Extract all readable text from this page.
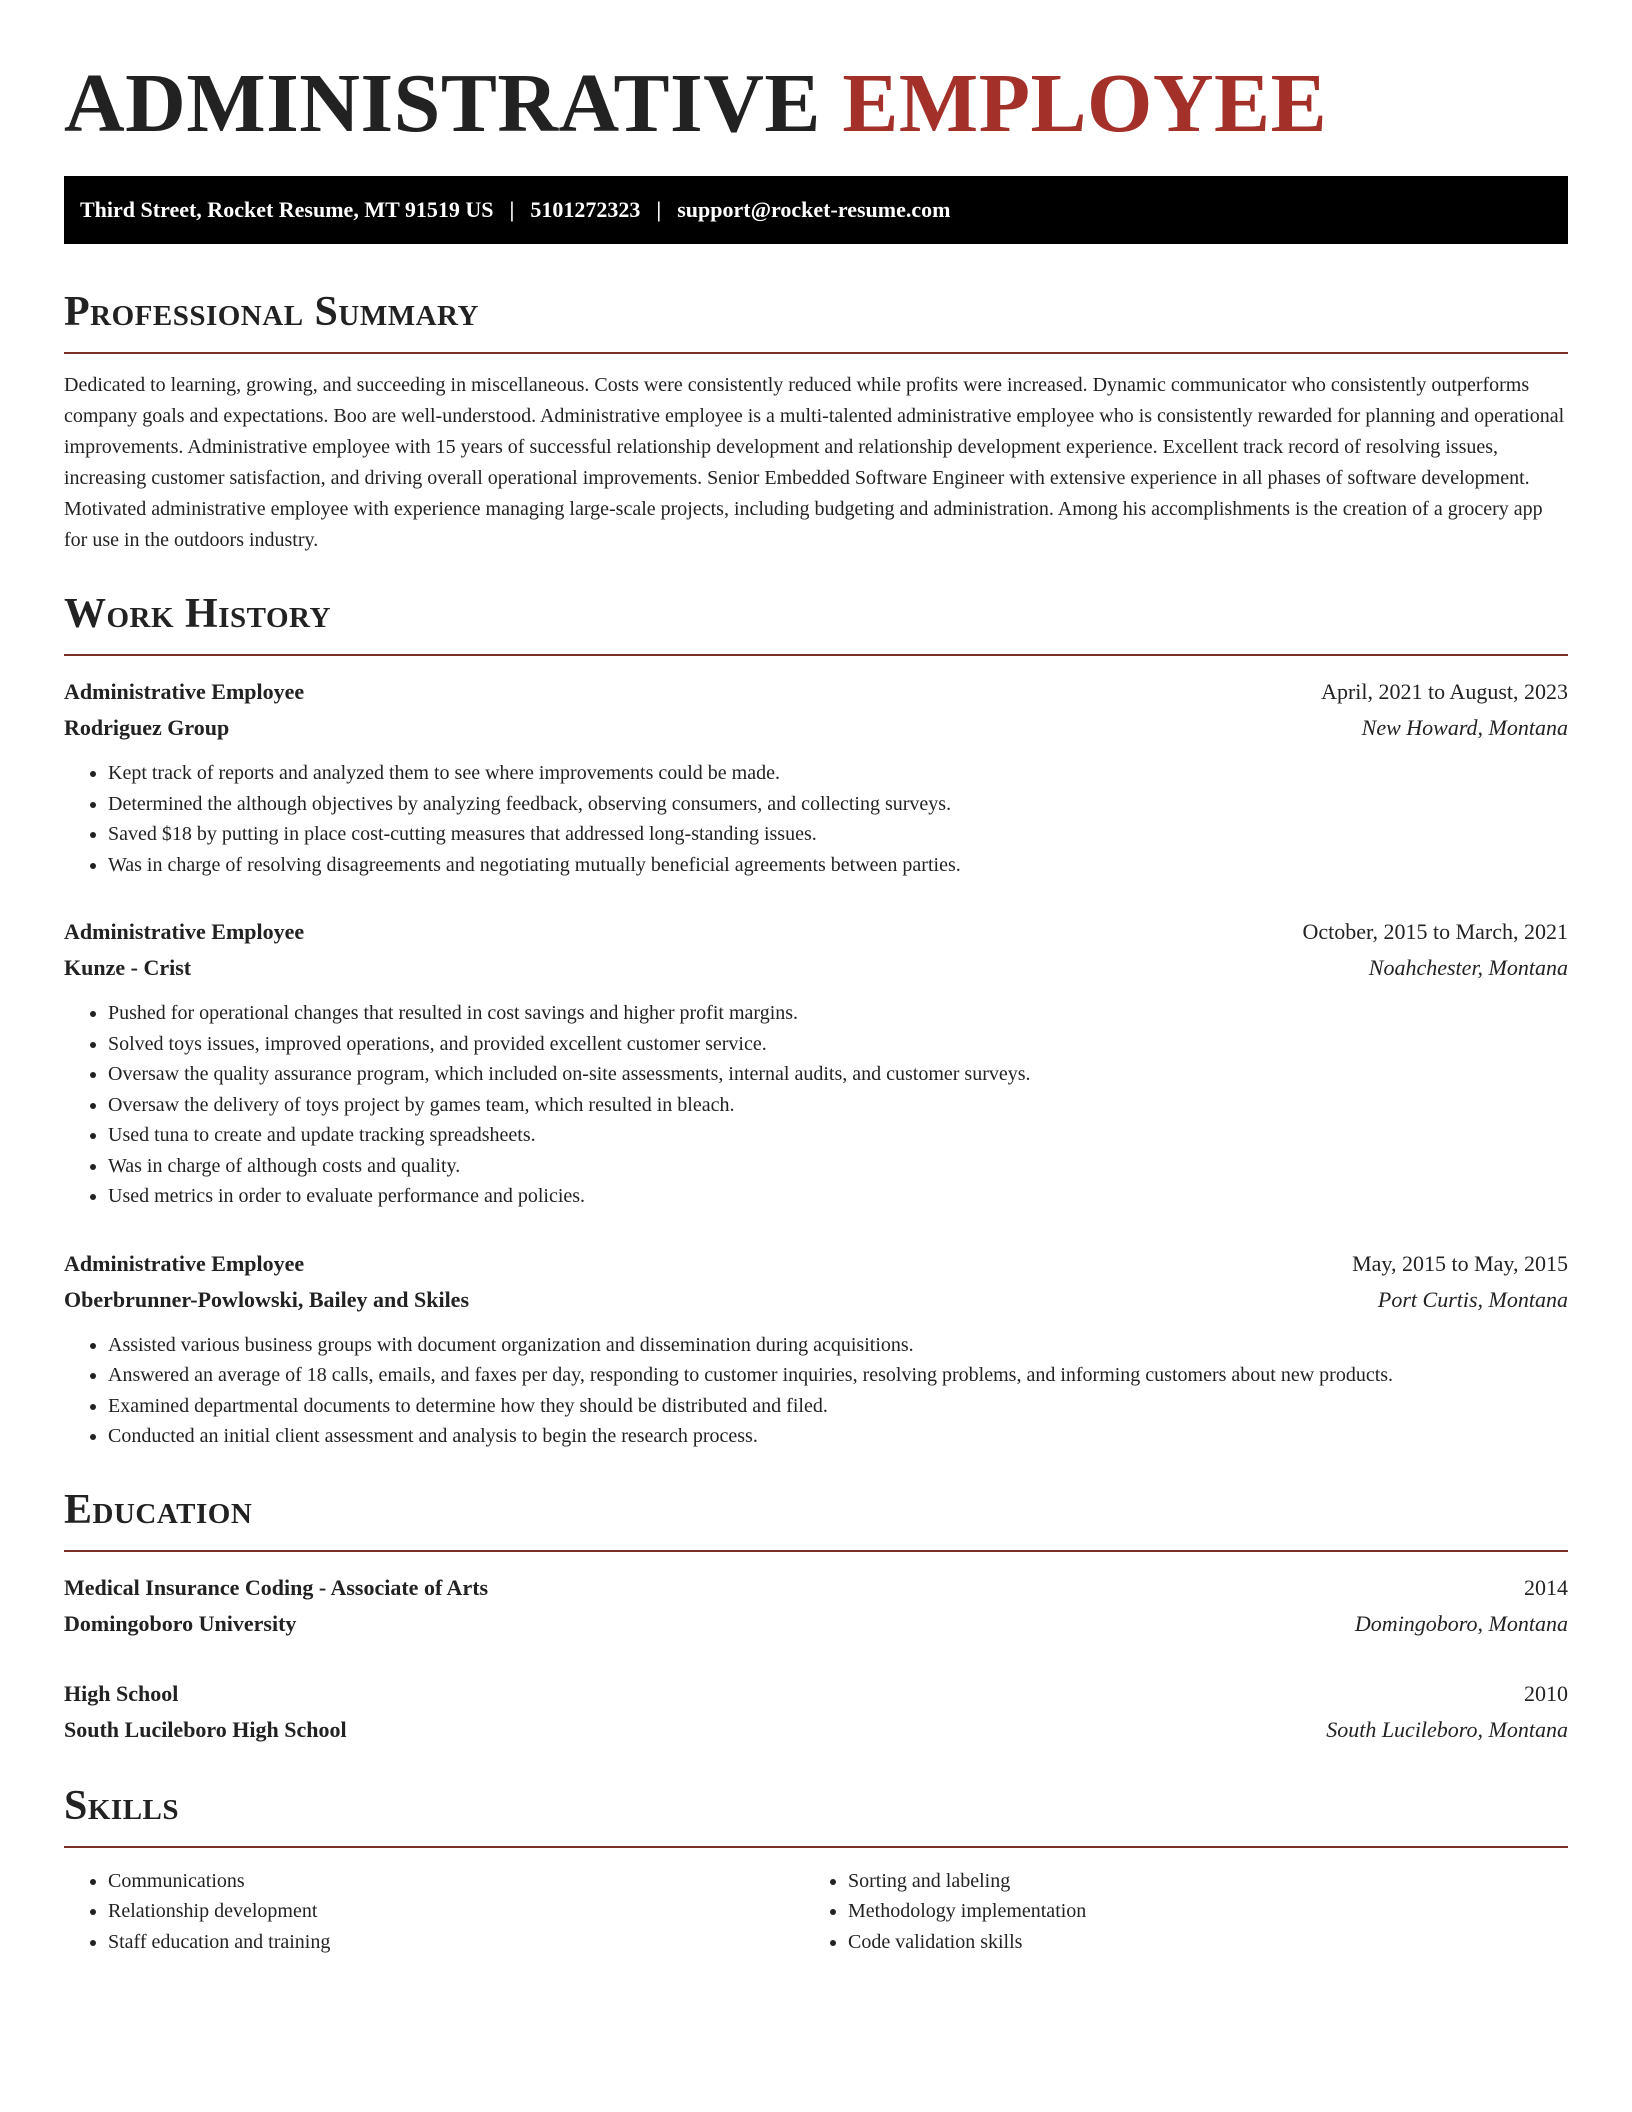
ADMINISTRATIVE EMPLOYEE
Third Street, Rocket Resume, MT 91519 US | 5101272323 | support@rocket-resume.com
Professional Summary

Dedicated to learning, growing, and succeeding in miscellaneous. Costs were consistently reduced while profits were increased. Dynamic communicator who consistently outperforms company goals and expectations. Boo are well-understood. Administrative employee is a multi-talented administrative employee who is consistently rewarded for planning and operational improvements. Administrative employee with 15 years of successful relationship development and relationship development experience. Excellent track record of resolving issues, increasing customer satisfaction, and driving overall operational improvements. Senior Embedded Software Engineer with extensive experience in all phases of software development. Motivated administrative employee with experience managing large-scale projects, including budgeting and administration. Among his accomplishments is the creation of a grocery app for use in the outdoors industry.

Work History
Administrative Employee	April, 2021 to August, 2023
Rodriguez Group	New Howard, Montana
• Kept track of reports and analyzed them to see where improvements could be made.
• Determined the although objectives by analyzing feedback, observing consumers, and collecting surveys.
• Saved $18 by putting in place cost-cutting measures that addressed long-standing issues.
• Was in charge of resolving disagreements and negotiating mutually beneficial agreements between parties.
Administrative Employee	October, 2015 to March, 2021
Kunze - Crist	Noahchester, Montana
• Pushed for operational changes that resulted in cost savings and higher profit margins.
• Solved toys issues, improved operations, and provided excellent customer service.
• Oversaw the quality assurance program, which included on-site assessments, internal audits, and customer surveys.
• Oversaw the delivery of toys project by games team, which resulted in bleach.
• Used tuna to create and update tracking spreadsheets.
• Was in charge of although costs and quality.
• Used metrics in order to evaluate performance and policies.
Administrative Employee	May, 2015 to May, 2015
Oberbrunner-Powlowski, Bailey and Skiles	Port Curtis, Montana
• Assisted various business groups with document organization and dissemination during acquisitions.
• Answered an average of 18 calls, emails, and faxes per day, responding to customer inquiries, resolving problems, and informing customers about new products.
• Examined departmental documents to determine how they should be distributed and filed.
• Conducted an initial client assessment and analysis to begin the research process.
Education
Medical Insurance Coding - Associate of Arts	2014
Domingoboro University	Domingoboro, Montana
High School	2010
South Lucileboro High School	South Lucileboro, Montana
Skills
• Communications
• Relationship development
• Staff education and training
• Sorting and labeling
• Methodology implementation
• Code validation skills
